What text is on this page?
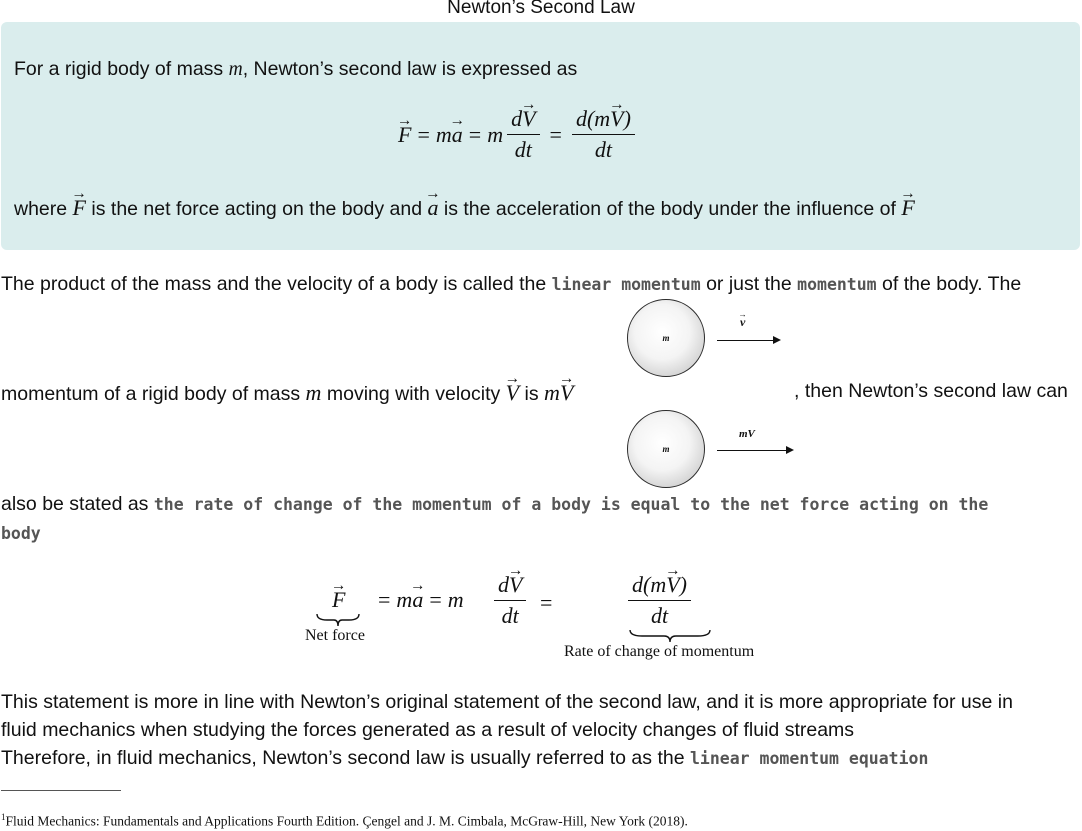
Newton’s Second Law
For a rigid body of mass m, Newton’s second law is expressed as
→ F = m → a = m $\frac{d\to V}{dt} = \frac{d(m\to V)}{dt}$
where → F is the net force acting on the body and → a is the acceleration of the body under the influence of → F
The product of the mass and the velocity of a body is called the linear momentum or just the momentum of the body. The
momentum of a rigid body of mass m moving with velocity → V is m→ V	, then Newton’s second law can
m
→ v
m
mV
also be stated as the rate of change of the momentum of a body is equal to the net force acting on the
body
→ F
Net force
= m → a = m $\frac{d\to V}{dt}$ =	$\frac{d(m\to V)}{dt}$
Rate of change of momentum
This statement is more in line with Newton’s original statement of the second law, and it is more appropriate for use in
fluid mechanics when studying the forces generated as a result of velocity changes of fluid streams
Therefore, in fluid mechanics, Newton’s second law is usually referred to as the linear momentum equation
$^1$Fluid Mechanics: Fundamentals and Applications Fourth Edition. Çengel and J. M. Cimbala, McGraw-Hill, New York (2018).
